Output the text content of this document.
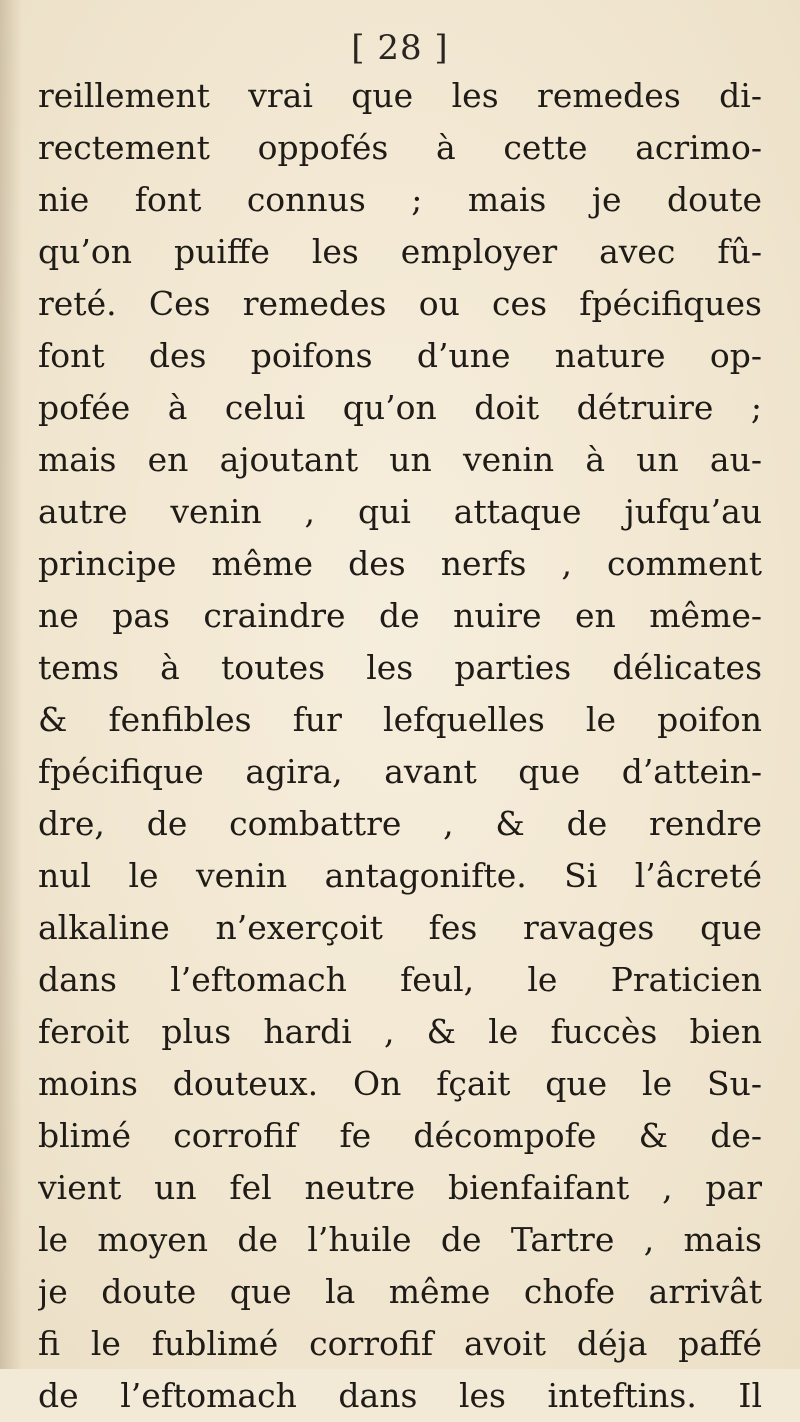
[ 28 ]
reillement vrai que les remedes di-
rectement oppofés à cette acrimo-
nie font connus ; mais je doute
qu’on puiffe les employer avec fû-
reté. Ces remedes ou ces fpécifiques
font des poifons d’une nature op-
pofée à celui qu’on doit détruire ;
mais en ajoutant un venin à un au-
autre venin , qui attaque jufqu’au
principe même des nerfs , comment
ne pas craindre de nuire en même-
tems à toutes les parties délicates
& fenfibles fur lefquelles le poifon
fpécifique agira, avant que d’attein-
dre, de combattre , & de rendre
nul le venin antagonifte. Si l’âcreté
alkaline n’exerçoit fes ravages que
dans l’eftomach feul, le Praticien
feroit plus hardi , & le fuccès bien
moins douteux. On fçait que le Su-
blimé corrofif fe décompofe & de-
vient un fel neutre bienfaifant , par
le moyen de l’huile de Tartre , mais
je doute que la même chofe arrivât
fi le fublimé corrofif avoit déja paffé
de l’eftomach dans les inteftins. Il
